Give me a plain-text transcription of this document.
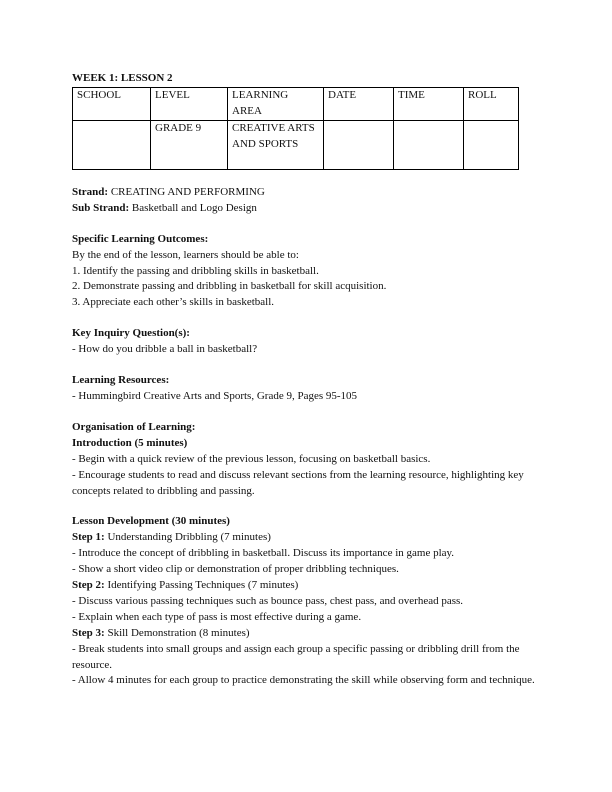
WEEK 1: LESSON 2

SCHOOL	LEVEL	LEARNING AREA	DATE	TIME	ROLL
	GRADE 9	CREATIVE ARTS AND SPORTS			

Strand: CREATING AND PERFORMING

Sub Strand: Basketball and Logo Design

Specific Learning Outcomes:

By the end of the lesson, learners should be able to:

1. Identify the passing and dribbling skills in basketball.

2. Demonstrate passing and dribbling in basketball for skill acquisition.

3. Appreciate each other’s skills in basketball.

Key Inquiry Question(s):

- How do you dribble a ball in basketball?

Learning Resources:

- Hummingbird Creative Arts and Sports, Grade 9, Pages 95-105

Organisation of Learning:

Introduction (5 minutes)

- Begin with a quick review of the previous lesson, focusing on basketball basics.

- Encourage students to read and discuss relevant sections from the learning resource, highlighting key concepts related to dribbling and passing.

Lesson Development (30 minutes)

Step 1: Understanding Dribbling (7 minutes)

- Introduce the concept of dribbling in basketball. Discuss its importance in game play.

- Show a short video clip or demonstration of proper dribbling techniques.

Step 2: Identifying Passing Techniques (7 minutes)

- Discuss various passing techniques such as bounce pass, chest pass, and overhead pass.

- Explain when each type of pass is most effective during a game.

Step 3: Skill Demonstration (8 minutes)

- Break students into small groups and assign each group a specific passing or dribbling drill from the resource.

- Allow 4 minutes for each group to practice demonstrating the skill while observing form and technique.
